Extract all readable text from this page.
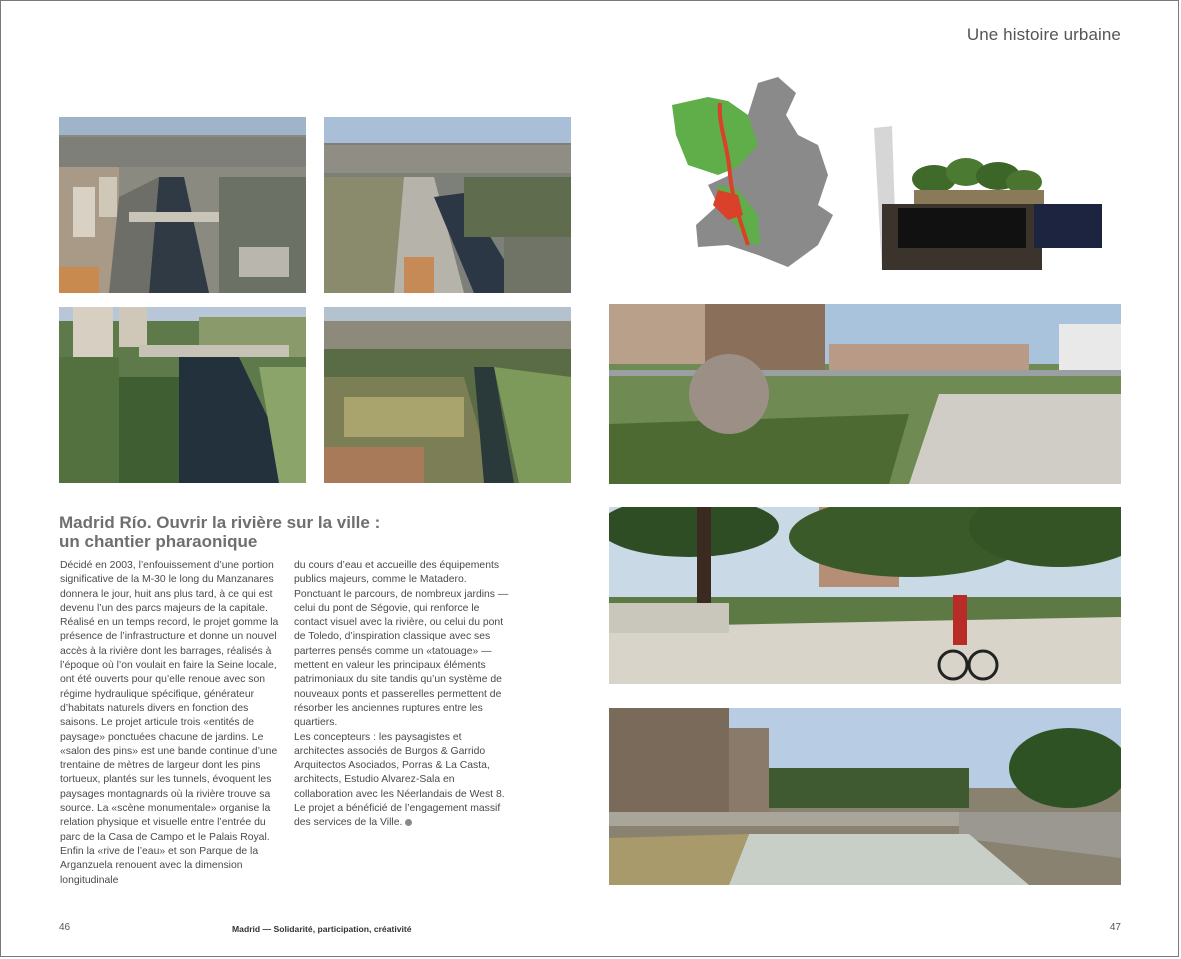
Une histoire urbaine
Madrid Río. Ouvrir la rivière sur la ville :
un chantier pharaonique

Décidé en 2003, l’enfouissement d’une portion significative de la M-30 le long du Manzanares donnera le jour, huit ans plus tard, à ce qui est devenu l’un des parcs majeurs de la capitale. Réalisé en un temps record, le projet gomme la présence de l’infrastructure et donne un nouvel accès à la rivière dont les barrages, réalisés à l’époque où l’on voulait en faire la Seine locale, ont été ouverts pour qu’elle renoue avec son régime hydraulique spécifique, générateur d’habitats naturels divers en fonction des saisons. Le projet articule trois «entités de paysage» ponctuées chacune de jardins. Le «salon des pins» est une bande continue d’une trentaine de mètres de largeur dont les pins tortueux, plantés sur les tunnels, évoquent les paysages montagnards où la rivière trouve sa source. La «scène monumentale» organise la relation physique et visuelle entre l’entrée du parc de la Casa de Campo et le Palais Royal. Enfin la «rive de l’eau» et son Parque de la Arganzuela renouent avec la dimension longitudinale

du cours d’eau et accueille des équipements publics majeurs, comme le Matadero. Ponctuant le parcours, de nombreux jardins — celui du pont de Ségovie, qui renforce le contact visuel avec la rivière, ou celui du pont de Toledo, d’inspiration classique avec ses parterres pensés comme un «tatouage» — mettent en valeur les principaux éléments patrimoniaux du site tandis qu’un système de nouveaux ponts et passerelles permettent de résorber les anciennes ruptures entre les quartiers.

Les concepteurs : les paysagistes et architectes associés de Burgos & Garrido Arquitectos Asociados, Porras & La Casta, architects, Estudio Alvarez-Sala en collaboration avec les Néerlandais de West 8. Le projet a bénéficié de l’engagement massif des services de la Ville.

46	Madrid — Solidarité, participation, créativité	47
